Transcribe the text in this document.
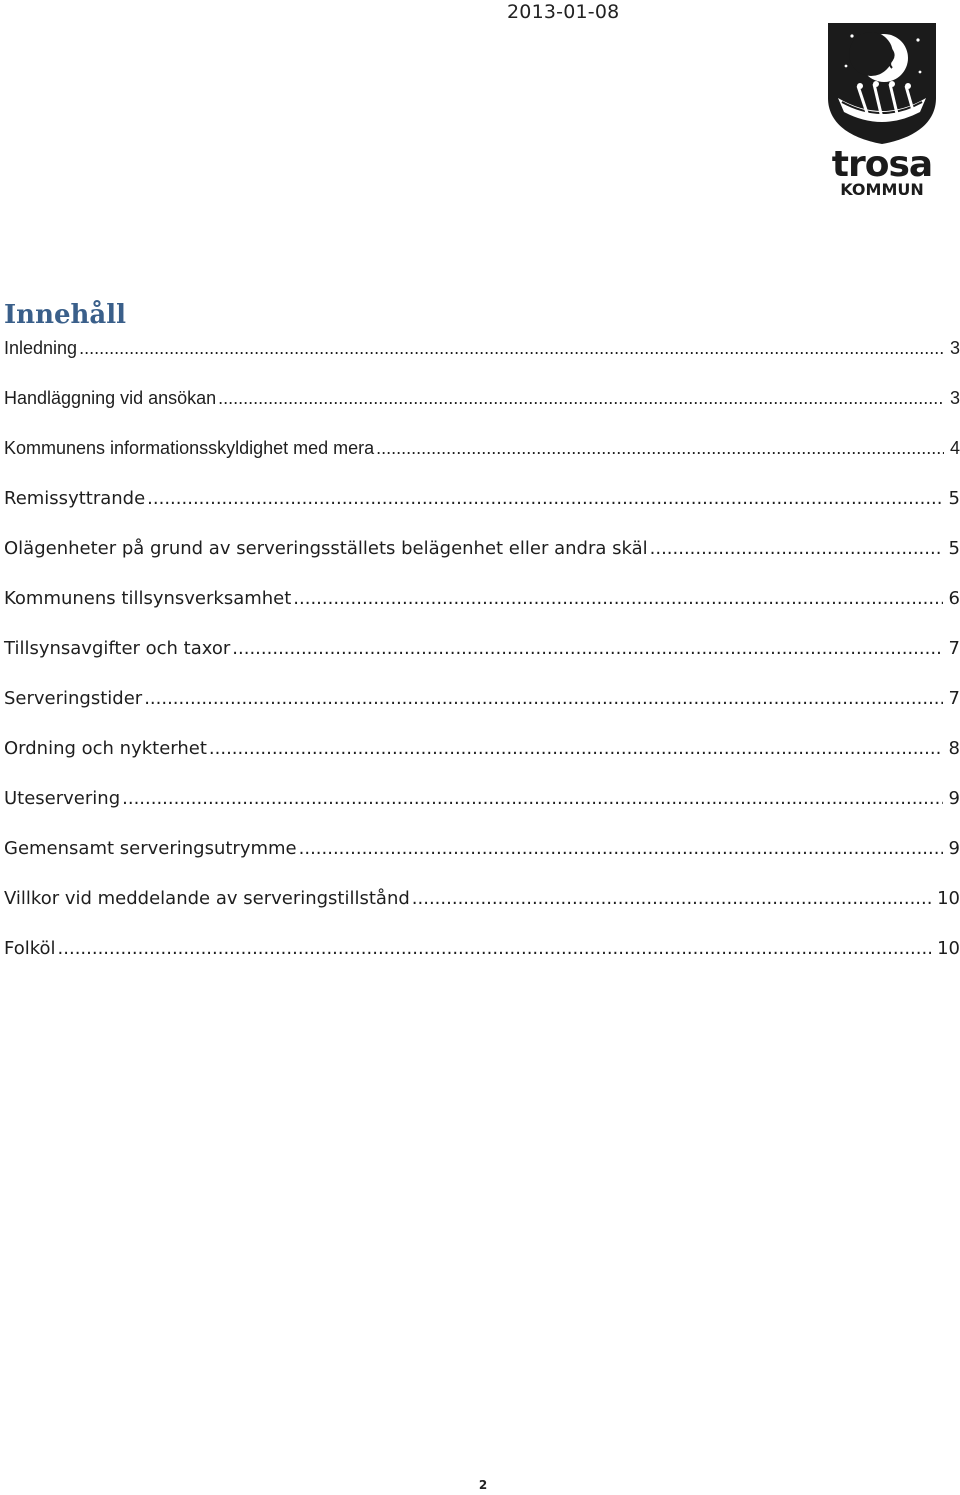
2013-01-08
trosa
KOMMUN
Innehåll
Inledning .....	3
Handläggning vid ansökan .....	3
Kommunens informationsskyldighet med mera .....	4
Remissyttrande .....	5
Olägenheter på grund av serveringsställets belägenhet eller andra skäl .....	5
Kommunens tillsynsverksamhet .....	6
Tillsynsavgifter och taxor .....	7
Serveringstider .....	7
Ordning och nykterhet .....	8
Uteservering .....	9
Gemensamt serveringsutrymme .....	9
Villkor vid meddelande av serveringstillstånd .....	10
Folköl .....	10
2
